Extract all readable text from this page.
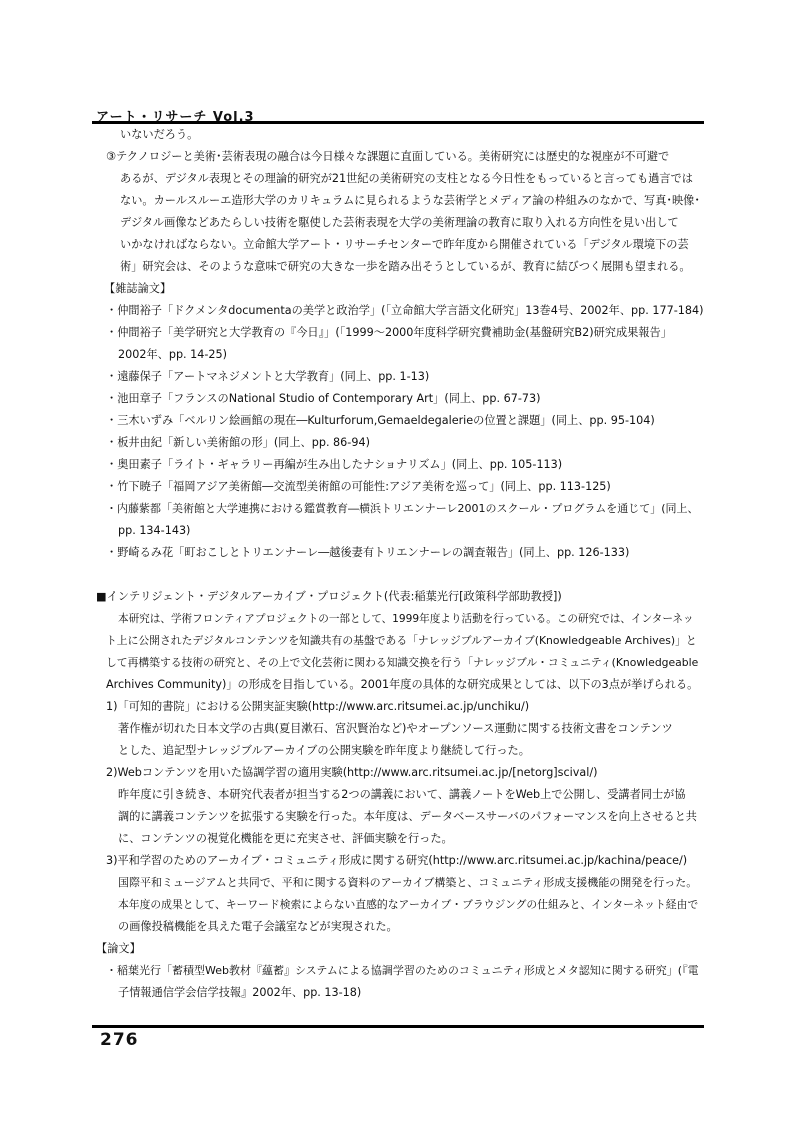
アート・リサーチ Vol.3
いないだろう。
③テクノロジーと美術･芸術表現の融合は今日様々な課題に直面している。美術研究には歴史的な視座が不可避で
あるが、デジタル表現とその理論的研究が21世紀の美術研究の支柱となる今日性をもっていると言っても過言では
ない。カールスルーエ造形大学のカリキュラムに見られるような芸術学とメディア論の枠組みのなかで、写真･映像･
デジタル画像などあたらしい技術を駆使した芸術表現を大学の美術理論の教育に取り入れる方向性を見い出して
いかなければならない。立命館大学アート・リサーチセンターで昨年度から開催されている「デジタル環境下の芸
術」研究会は、そのような意味で研究の大きな一歩を踏み出そうとしているが、教育に結びつく展開も望まれる。
【雑誌論文】
・仲間裕子「ドクメンタdocumentaの美学と政治学」(「立命館大学言語文化研究」13巻4号、2002年、pp. 177-184)
・仲間裕子「美学研究と大学教育の『今日』」(「1999～2000年度科学研究費補助金(基盤研究B2)研究成果報告」
2002年、pp. 14-25)
・遠藤保子「アートマネジメントと大学教育」(同上、pp. 1-13)
・池田章子「フランスのNational Studio of Contemporary Art」(同上、pp. 67-73)
・三木いずみ「ベルリン絵画館の現在―Kulturforum,Gemaeldegalerieの位置と課題」(同上、pp. 95-104)
・板井由紀「新しい美術館の形」(同上、pp. 86-94)
・奥田素子「ライト・ギャラリー再編が生み出したナショナリズム」(同上、pp. 105-113)
・竹下暁子「福岡アジア美術館―交流型美術館の可能性:アジア美術を巡って」(同上、pp. 113-125)
・内藤紫都「美術館と大学連携における鑑賞教育―横浜トリエンナーレ2001のスクール・プログラムを通じて」(同上、
pp. 134-143)
・野崎るみ花「町おこしとトリエンナーレ―越後妻有トリエンナーレの調査報告」(同上、pp. 126-133)
■インテリジェント・デジタルアーカイブ・プロジェクト(代表:稲葉光行[政策科学部助教授])
本研究は、学術フロンティアプロジェクトの一部として、1999年度より活動を行っている。この研究では、インターネッ
ト上に公開されたデジタルコンテンツを知識共有の基盤である「ナレッジブルアーカイブ(Knowledgeable Archives)」と
して再構築する技術の研究と、その上で文化芸術に関わる知識交換を行う「ナレッジブル・コミュニティ(Knowledgeable
Archives Community)」の形成を目指している。2001年度の具体的な研究成果としては、以下の3点が挙げられる。
1)「可知的書院」における公開実証実験(http://www.arc.ritsumei.ac.jp/unchiku/)
著作権が切れた日本文学の古典(夏目漱石、宮沢賢治など)やオープンソース運動に関する技術文書をコンテンツ
とした、追記型ナレッジブルアーカイブの公開実験を昨年度より継続して行った。
2)Webコンテンツを用いた協調学習の適用実験(http://www.arc.ritsumei.ac.jp/[netorg]scival/)
昨年度に引き続き、本研究代表者が担当する2つの講義において、講義ノートをWeb上で公開し、受講者同士が協
調的に講義コンテンツを拡張する実験を行った。本年度は、データベースサーバのパフォーマンスを向上させると共
に、コンテンツの視覚化機能を更に充実させ、評価実験を行った。
3)平和学習のためのアーカイブ・コミュニティ形成に関する研究(http://www.arc.ritsumei.ac.jp/kachina/peace/)
国際平和ミュージアムと共同で、平和に関する資料のアーカイブ構築と、コミュニティ形成支援機能の開発を行った。
本年度の成果として、キーワード検索によらない直感的なアーカイブ・ブラウジングの仕組みと、インターネット経由で
の画像投稿機能を具えた電子会議室などが実現された。
【論文】
・稲葉光行「蓄積型Web教材『蘊蓄』システムによる協調学習のためのコミュニティ形成とメタ認知に関する研究」(『電
子情報通信学会信学技報』2002年、pp. 13-18)
276
